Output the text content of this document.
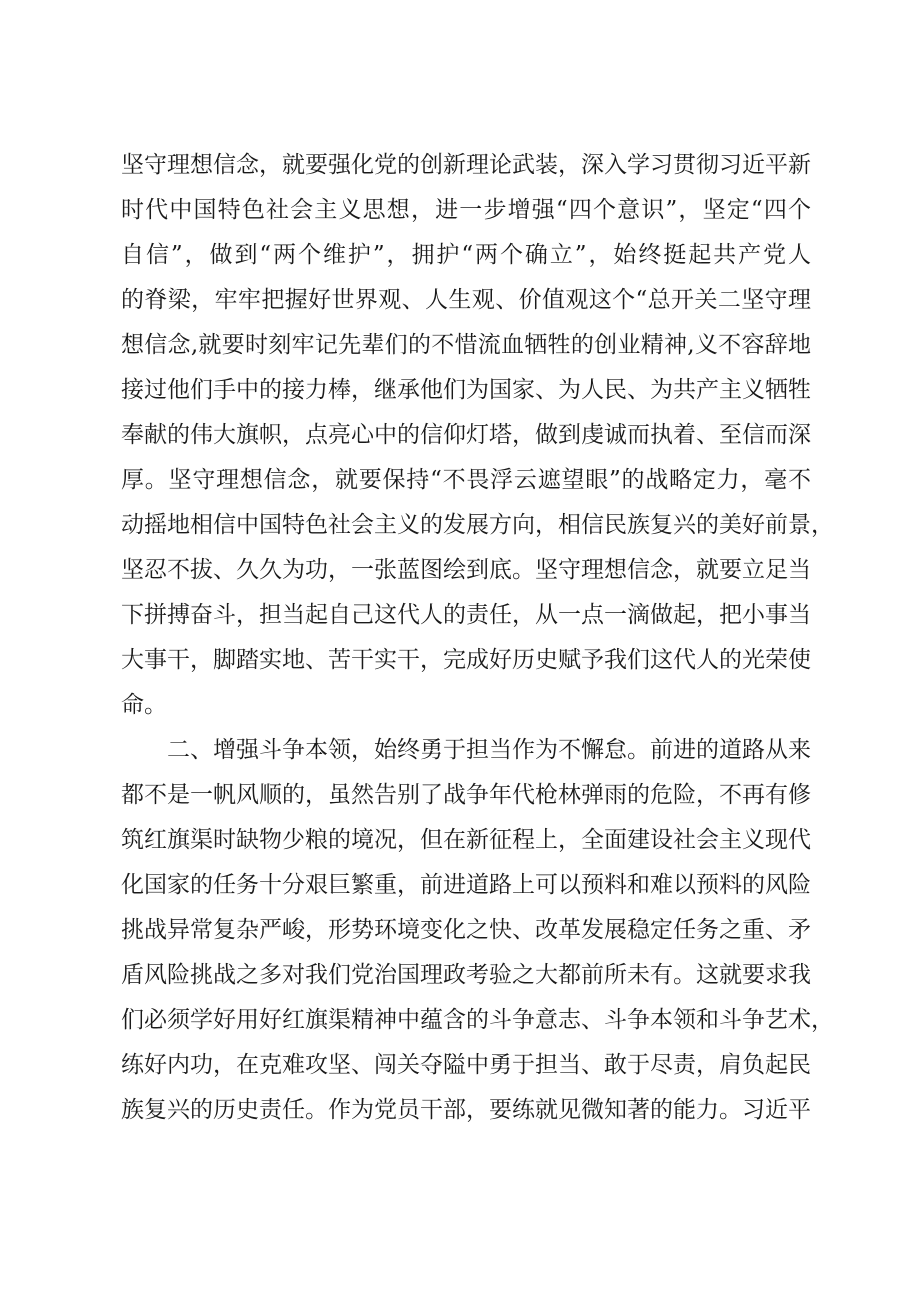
坚守理想信念，就要强化党的创新理论武装，深入学习贯彻习近平新
时代中国特色社会主义思想，进一步增强“四个意识”，坚定“四个
自信”，做到“两个维护”，拥护“两个确立”，始终挺起共产党人
的脊梁，牢牢把握好世界观、人生观、价值观这个“总开关二坚守理
想信念,就要时刻牢记先辈们的不惜流血牺牲的创业精神,义不容辞地
接过他们手中的接力棒，继承他们为国家、为人民、为共产主义牺牲
奉献的伟大旗帜，点亮心中的信仰灯塔，做到虔诚而执着、至信而深
厚。坚守理想信念，就要保持“不畏浮云遮望眼”的战略定力，毫不
动摇地相信中国特色社会主义的发展方向，相信民族复兴的美好前景，
坚忍不拔、久久为功，一张蓝图绘到底。坚守理想信念，就要立足当
下拼搏奋斗，担当起自己这代人的责任，从一点一滴做起，把小事当
大事干，脚踏实地、苦干实干，完成好历史赋予我们这代人的光荣使
命。
二、增强斗争本领，始终勇于担当作为不懈怠。前进的道路从来
都不是一帆风顺的，虽然告别了战争年代枪林弹雨的危险，不再有修
筑红旗渠时缺物少粮的境况，但在新征程上，全面建设社会主义现代
化国家的任务十分艰巨繁重，前进道路上可以预料和难以预料的风险
挑战异常复杂严峻，形势环境变化之快、改革发展稳定任务之重、矛
盾风险挑战之多对我们党治国理政考验之大都前所未有。这就要求我
们必须学好用好红旗渠精神中蕴含的斗争意志、斗争本领和斗争艺术，
练好内功，在克难攻坚、闯关夺隘中勇于担当、敢于尽责，肩负起民
族复兴的历史责任。作为党员干部，要练就见微知著的能力。习近平
